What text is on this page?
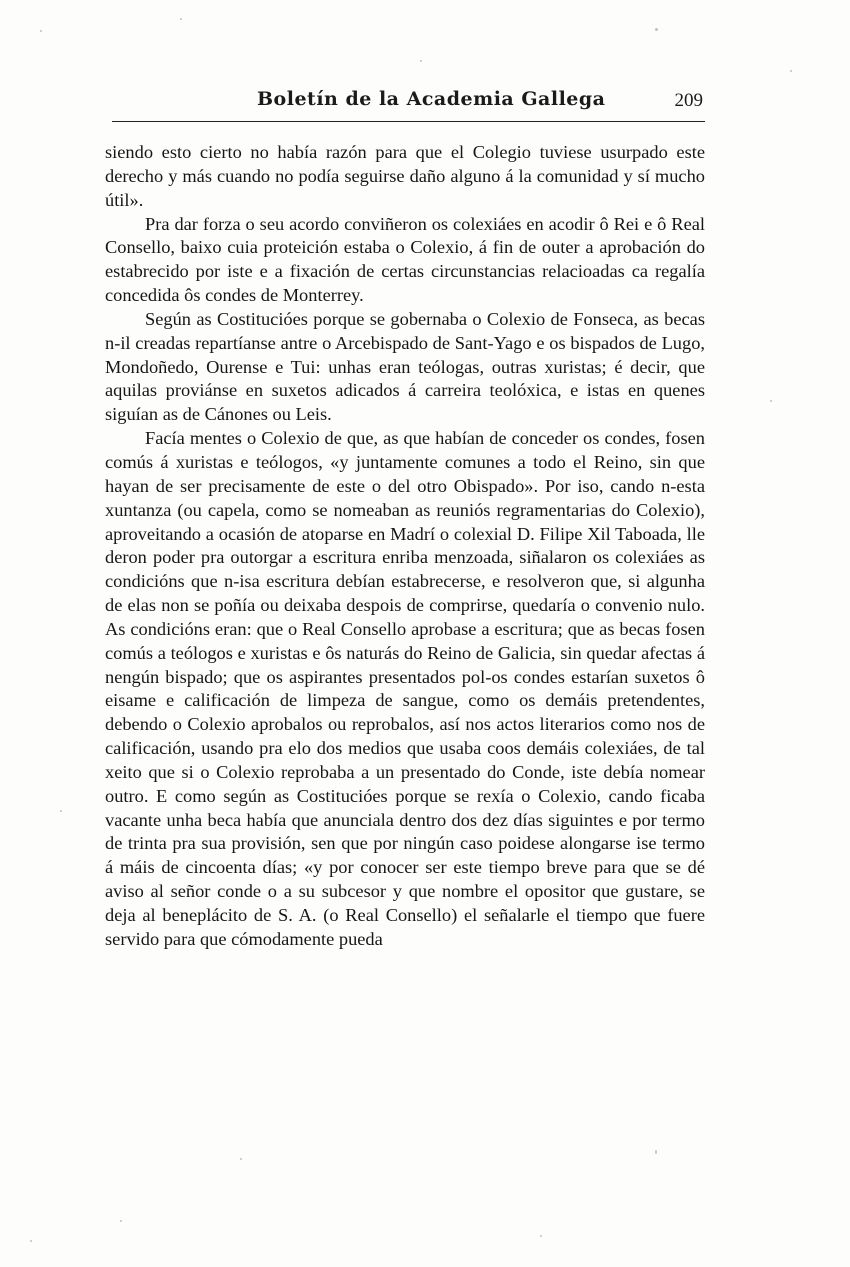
Boletín de la Academia Gallega	209

siendo esto cierto no había razón para que el Colegio tuviese usurpado este derecho y más cuando no podía seguirse daño alguno á la comunidad y sí mucho útil».

Pra dar forza o seu acordo conviñeron os colexiáes en acodir ô Rei e ô Real Consello, baixo cuia proteición estaba o Colexio, á fin de outer a aprobación do estabrecido por iste e a fixación de certas circunstancias relacioadas ca regalía concedida ôs condes de Monterrey.

Según as Costitucióes porque se gobernaba o Colexio de Fonseca, as becas n-il creadas repartíanse antre o Arcebispado de Sant-Yago e os bispados de Lugo, Mondoñedo, Ourense e Tui: unhas eran teólogas, outras xuristas; é decir, que aquilas proviánse en suxetos adicados á carreira teolóxica, e istas en quenes siguían as de Cánones ou Leis.

Facía mentes o Colexio de que, as que habían de conceder os condes, fosen comús á xuristas e teólogos, «y juntamente comunes a todo el Reino, sin que hayan de ser precisamente de este o del otro Obispado». Por iso, cando n-esta xuntanza (ou capela, como se nomeaban as reuniós regramentarias do Colexio), aproveitando a ocasión de atoparse en Madrí o colexial D. Filipe Xil Taboada, lle deron poder pra outorgar a escritura enriba menzoada, siñalaron os colexiáes as condicións que n-isa escritura debían estabrecerse, e resolveron que, si algunha de elas non se poñía ou deixaba despois de comprirse, quedaría o convenio nulo. As condicións eran: que o Real Consello aprobase a escritura; que as becas fosen comús a teólogos e xuristas e ôs naturás do Reino de Galicia, sin quedar afectas á nengún bispado; que os aspirantes presentados pol-os condes estarían suxetos ô eisame e calificación de limpeza de sangue, como os demáis pretendentes, debendo o Colexio aprobalos ou reprobalos, así nos actos literarios como nos de calificación, usando pra elo dos medios que usaba coos demáis colexiáes, de tal xeito que si o Colexio reprobaba a un presentado do Conde, iste debía nomear outro. E como según as Costitucióes porque se rexía o Colexio, cando ficaba vacante unha beca había que anunciala dentro dos dez días siguintes e por termo de trinta pra sua provisión, sen que por ningún caso poidese alongarse ise termo á máis de cincoenta días; «y por conocer ser este tiempo breve para que se dé aviso al señor conde o a su subcesor y que nombre el opositor que gustare, se deja al beneplácito de S. A. (o Real Consello) el señalarle el tiempo que fuere servido para que cómodamente pueda
